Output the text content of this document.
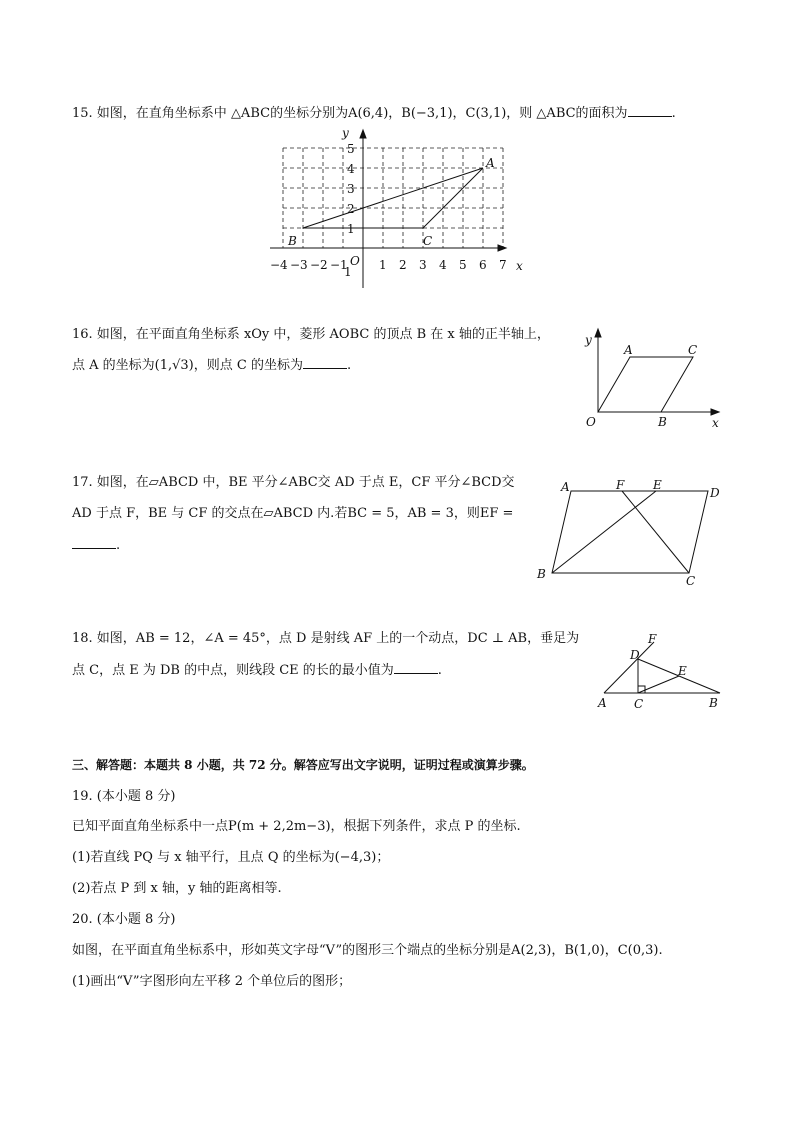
15. 如图，在直角坐标系中 △ABC的坐标分别为A(6,4)，B(−3,1)，C(3,1)，则 △ABC的面积为	.
y
x
O
1
A
B	C
−4 −3 −2 −1	1 2 3 4 5 6 7
1
2
3
4
5
16. 如图，在平面直角坐标系 xOy 中，菱形 AOBC 的顶点 B 在 x 轴的正半轴上，
点 A 的坐标为(1,√3)，则点 C 的坐标为	.
y
x
O
A	C
B
17. 如图，在▱ABCD 中，BE 平分∠ABC交 AD 于点 E，CF 平分∠BCD交
AD 于点 F，BE 与 CF 的交点在▱ABCD 内.若BC = 5，AB = 3，则EF =
.
A	F E
D
B	C
18. 如图，AB = 12，∠A = 45°，点 D 是射线 AF 上的一个动点，DC ⊥ AB，垂足为
点 C，点 E 为 DB 的中点，则线段 CE 的长的最小值为	.
F
D
E
A C	B
三、解答题：本题共 8 小题，共 72 分。解答应写出文字说明，证明过程或演算步骤。
19. (本小题 8 分)
已知平面直角坐标系中一点P(m + 2,2m−3)，根据下列条件，求点 P 的坐标.
(1)若直线 PQ 与 x 轴平行，且点 Q 的坐标为(−4,3)；
(2)若点 P 到 x 轴，y 轴的距离相等.
20. (本小题 8 分)
如图，在平面直角坐标系中，形如英文字母“V”的图形三个端点的坐标分别是A(2,3)，B(1,0)，C(0,3).
(1)画出“V”字图形向左平移 2 个单位后的图形；
